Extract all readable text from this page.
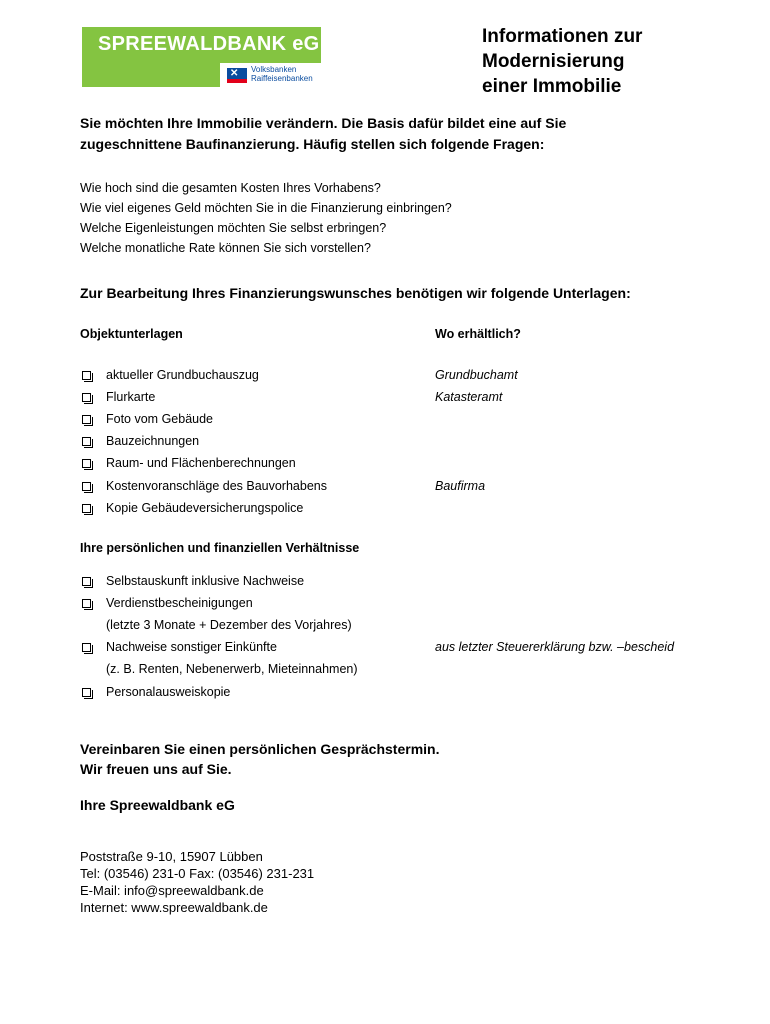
SPREEWALDBANK eG
✕ Volksbanken
Raiffeisenbanken
Informationen zur
Modernisierung
einer Immobilie
Sie möchten Ihre Immobilie verändern. Die Basis dafür bildet eine auf Sie
zugeschnittene Baufinanzierung. Häufig stellen sich folgende Fragen:
Wie hoch sind die gesamten Kosten Ihres Vorhabens?
Wie viel eigenes Geld möchten Sie in die Finanzierung einbringen?
Welche Eigenleistungen möchten Sie selbst erbringen?
Welche monatliche Rate können Sie sich vorstellen?
Zur Bearbeitung Ihres Finanzierungswunsches benötigen wir folgende Unterlagen:
Objektunterlagen	Wo erhältlich?
aktueller Grundbuchauszug	Grundbuchamt
Flurkarte	Katasteramt
Foto vom Gebäude
Bauzeichnungen
Raum- und Flächenberechnungen
Kostenvoranschläge des Bauvorhabens	Baufirma
Kopie Gebäudeversicherungspolice
Ihre persönlichen und finanziellen Verhältnisse
Selbstauskunft inklusive Nachweise
Verdienstbescheinigungen
(letzte 3 Monate + Dezember des Vorjahres)
Nachweise sonstiger Einkünfte	aus letzter Steuererklärung bzw. –bescheid
(z. B. Renten, Nebenerwerb, Mieteinnahmen)
Personalausweiskopie
Vereinbaren Sie einen persönlichen Gesprächstermin.
Wir freuen uns auf Sie.
Ihre Spreewaldbank eG
Poststraße 9-10, 15907 Lübben
Tel: (03546) 231-0 Fax: (03546) 231-231
E-Mail: info@spreewaldbank.de
Internet: www.spreewaldbank.de
